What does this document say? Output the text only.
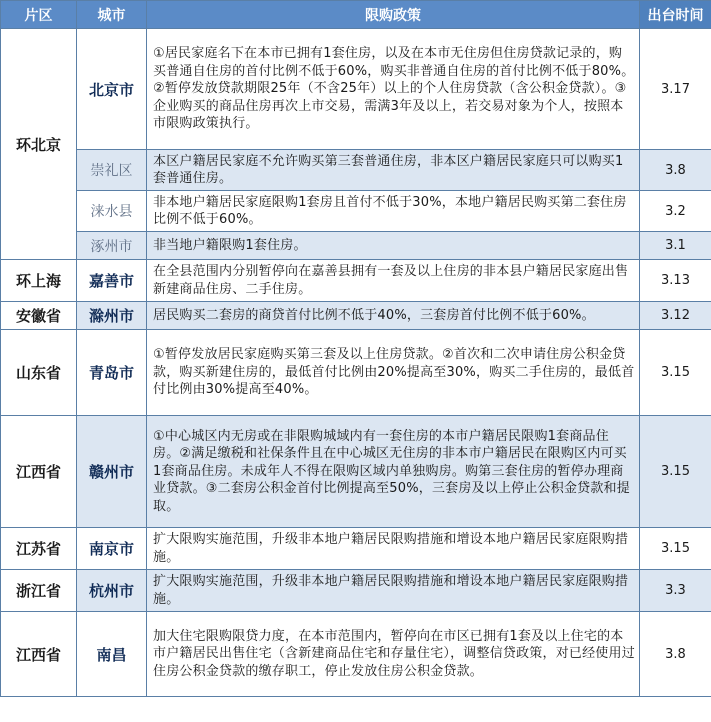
片区	城市	限购政策	出台时间
环北京	北京市	①居民家庭名下在本市已拥有1套住房，以及在本市无住房但住房贷款记录的，购买普通自住房的首付比例不低于60%，购买非普通自住房的首付比例不低于80%。②暂停发放贷款期限25年（不含25年）以上的个人住房贷款（含公积金贷款）。③企业购买的商品住房再次上市交易，需满3年及以上，若交易对象为个人，按照本市限购政策执行。	3.17
	崇礼区	本区户籍居民家庭不允许购买第三套普通住房，非本区户籍居民家庭只可以购买1套普通住房。	3.8
	涞水县	非本地户籍居民家庭限购1套房且首付不低于30%，本地户籍居民购买第二套住房比例不低于60%。	3.2
	涿州市	非当地户籍限购1套住房。	3.1
环上海	嘉善市	在全县范围内分别暂停向在嘉善县拥有一套及以上住房的非本县户籍居民家庭出售新建商品住房、二手住房。	3.13
安徽省	滁州市	居民购买二套房的商贷首付比例不低于40%，三套房首付比例不低于60%。	3.12
山东省	青岛市	①暂停发放居民家庭购买第三套及以上住房贷款。②首次和二次申请住房公积金贷款，购买新建住房的，最低首付比例由20%提高至30%，购买二手住房的，最低首付比例由30%提高至40%。	3.15
江西省	赣州市	①中心城区内无房或在非限购城域内有一套住房的本市户籍居民限购1套商品住房。②满足缴税和社保条件且在中心城区无住房的非本市户籍居民在限购区内可买1套商品住房。未成年人不得在限购区域内单独购房。购第三套住房的暂停办理商业贷款。③二套房公积金首付比例提高至50%，三套房及以上停止公积金贷款和提取。	3.15
江苏省	南京市	扩大限购实施范围，升级非本地户籍居民限购措施和增设本地户籍居民家庭限购措施。	3.15
浙江省	杭州市	扩大限购实施范围，升级非本地户籍居民限购措施和增设本地户籍居民家庭限购措施。	3.3
江西省	南昌	加大住宅限购限贷力度，在本市范围内，暂停向在市区已拥有1套及以上住宅的本市户籍居民出售住宅（含新建商品住宅和存量住宅），调整信贷政策，对已经使用过住房公积金贷款的缴存职工，停止发放住房公积金贷款。	3.8
